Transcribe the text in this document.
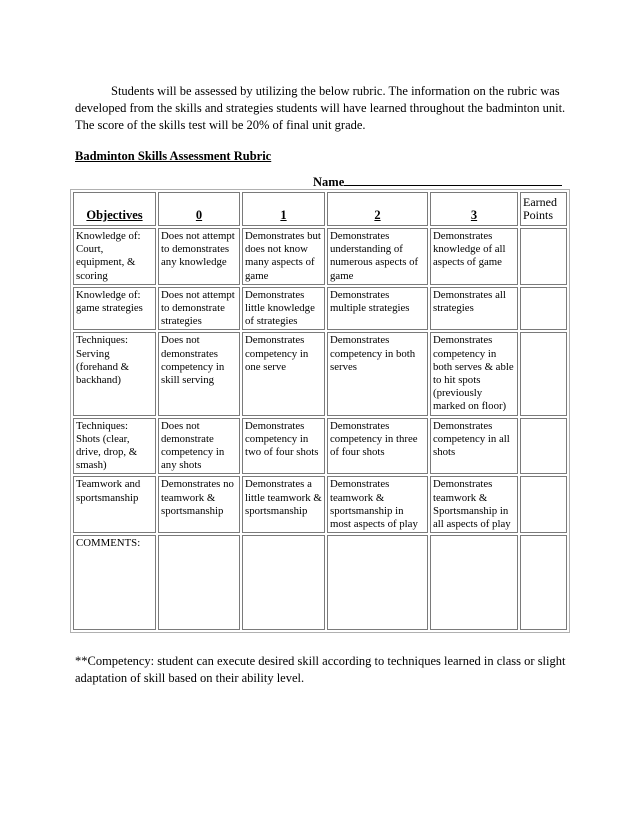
Students will be assessed by utilizing the below rubric. The information on the rubric was developed from the skills and strategies students will have learned throughout the badminton unit. The score of the skills test will be 20% of final unit grade.

Badminton Skills Assessment Rubric
Name
Objectives	0	1	2	3	Earned Points
Knowledge of: Court, equipment, & scoring	Does not attempt to demonstrates any knowledge	Demonstrates but does not know many aspects of game	Demonstrates understanding of numerous aspects of game	Demonstrates knowledge of all aspects of game	
Knowledge of: game strategies	Does not attempt to demonstrate strategies	Demonstrates little knowledge of strategies	Demonstrates multiple strategies	Demonstrates all strategies	
Techniques: Serving (forehand & backhand)	Does not demonstrates competency in skill serving	Demonstrates competency in one serve	Demonstrates competency in both serves	Demonstrates competency in both serves & able to hit spots (previously marked on floor)	
Techniques: Shots (clear, drive, drop, & smash)	Does not demonstrate competency in any shots	Demonstrates competency in two of four shots	Demonstrates competency in three of four shots	Demonstrates competency in all shots	
Teamwork and sportsmanship	Demonstrates no teamwork & sportsmanship	Demonstrates a little teamwork & sportsmanship	Demonstrates teamwork & sportsmanship in most aspects of play	Demonstrates teamwork & Sportsmanship in all aspects of play	
COMMENTS:					

**Competency: student can execute desired skill according to techniques learned in class or slight adaptation of skill based on their ability level.
